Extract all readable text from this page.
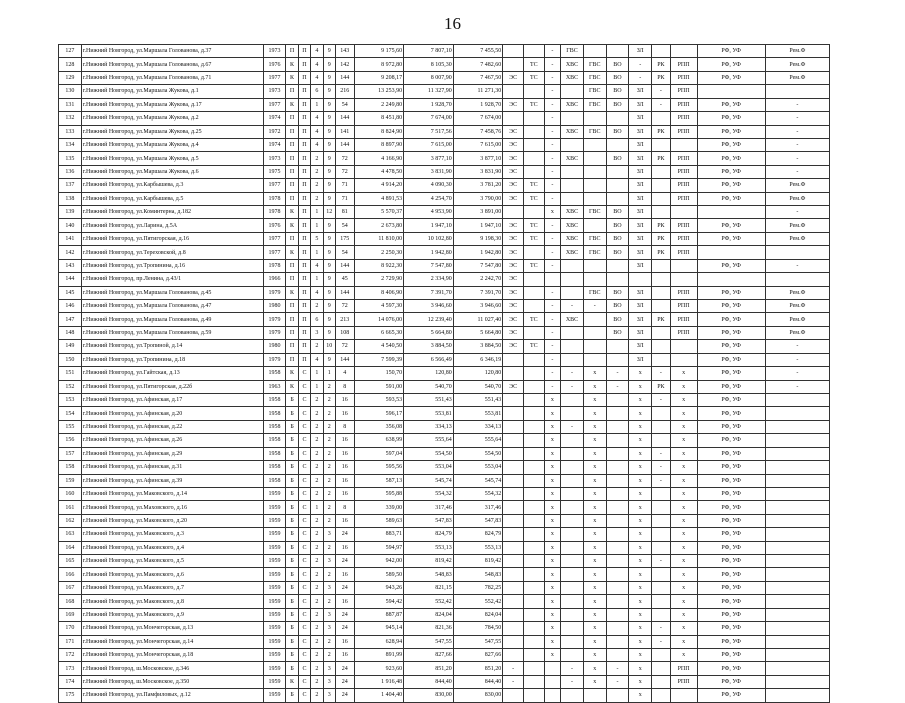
16
127	г.Нижний Новгород, ул.Маршала Голованова, д.37	1973	П	П	4	9	143	9 175,60	7 807,10	7 455,50			-	ГВС			ЗЛ			РФ, УФ	Рем.Ф
128	г.Нижний Новгород, ул.Маршала Голованова, д.67	1976	К	П	4	9	142	8 972,80	8 105,30	7 482,60		ТС	-	ХВС	ГВС	ВО	-	РК	РПП	РФ, УФ	Рем.Ф
129	г.Нижний Новгород, ул.Маршала Голованова, д.71	1977	К	П	4	9	144	9 208,17	8 007,90	7 467,50	ЭС	ТС	-	ХВС	ГВС	ВО	-	РК	РПП	РФ, УФ	Рем.Ф
130	г.Нижний Новгород, ул.Маршала Жукова, д.1	1973	П	П	6	9	216	13 253,90	11 327,90	11 271,30			-		ГВС	ВО	ЗЛ	-	РПП		
131	г.Нижний Новгород, ул.Маршала Жукова, д.17	1977	К	П	1	9	54	2 249,80	1 928,70	1 928,70	ЭС	ТС	-	ХВС	ГВС	ВО	ЗЛ	-	РПП	РФ, УФ	-
132	г.Нижний Новгород, ул.Маршала Жукова, д.2	1974	П	П	4	9	144	8 451,80	7 674,00	7 674,00			-				ЗЛ		РПП	РФ, УФ	-
133	г.Нижний Новгород, ул.Маршала Жукова, д.25	1972	П	П	4	9	141	8 824,90	7 517,56	7 458,76	ЭС		-	ХВС	ГВС	ВО	ЗЛ	РК	РПП	РФ, УФ	-
134	г.Нижний Новгород, ул.Маршала Жукова, д.4	1974	П	П	4	9	144	8 897,90	7 615,00	7 615,00	ЭС		-				ЗЛ			РФ, УФ	-
135	г.Нижний Новгород, ул.Маршала Жукова, д.5	1973	П	П	2	9	72	4 166,90	3 877,10	3 877,10	ЭС		-	ХВС		ВО	ЗЛ	РК	РПП	РФ, УФ	-
136	г.Нижний Новгород, ул.Маршала Жукова, д.6	1975	П	П	2	9	72	4 478,50	3 831,90	3 831,90	ЭС		-				ЗЛ		РПП	РФ, УФ	-
137	г.Нижний Новгород, ул.Карбышева, д.3	1977	П	П	2	9	71	4 914,20	4 090,30	3 781,20	ЭС	ТС	-				ЗЛ		РПП	РФ, УФ	Рем.Ф
138	г.Нижний Новгород, ул.Карбышева, д.5	1978	П	П	2	9	71	4 891,53	4 254,70	3 790,00	ЭС	ТС	-				ЗЛ		РПП	РФ, УФ	Рем.Ф
139	г.Нижний Новгород, ул.Коминтерна, д.182	1978	К	П	1	12	81	5 570,37	4 953,90	3 891,00			х	ХВС	ГВС	ВО	ЗЛ				-
140	г.Нижний Новгород, ул.Ларина, д.5А	1976	К	П	1	9	54	2 673,80	1 947,10	1 947,10	ЭС	ТС	-	ХВС		ВО	ЗЛ	РК	РПП	РФ, УФ	Рем.Ф
141	г.Нижний Новгород, ул.Пятигорская, д.16	1977	П	П	5	9	175	11 810,00	10 102,80	9 198,30	ЭС	ТС	-	ХВС	ГВС	ВО	ЗЛ	РК	РПП	РФ, УФ	Рем.Ф
142	г.Нижний Новгород, ул.Тереховской, д.8	1977	К	П	1	9	54	2 250,30	1 942,80	1 942,80	ЭС		-	ХВС	ГВС	ВО	ЗЛ	РК	РПП		
143	г.Нижний Новгород, ул.Тропинина, д.16	1978	П	П	4	9	144	8 922,30	7 547,80	7 547,80	ЭС	ТС	-				ЗЛ			РФ, УФ	-
144	г.Нижний Новгород, пр.Ленина, д.43/1	1966	П	П	1	9	45	2 729,90	2 334,90	2 242,70	ЭС										
145	г.Нижний Новгород, ул.Маршала Голованова, д.45	1979	К	П	4	9	144	8 406,90	7 391,70	7 391,70	ЭС		-		ГВС	ВО	ЗЛ		РПП	РФ, УФ	Рем.Ф
146	г.Нижний Новгород, ул.Маршала Голованова, д.47	1980	П	П	2	9	72	4 597,30	3 946,60	3 946,60	ЭС		-	-	-	ВО	ЗЛ		РПП	РФ, УФ	Рем.Ф
147	г.Нижний Новгород, ул.Маршала Голованова, д.49	1979	П	П	6	9	213	14 076,00	12 239,40	11 027,40	ЭС	ТС	-	ХВС		ВО	ЗЛ	РК	РПП	РФ, УФ	Рем.Ф
148	г.Нижний Новгород, ул.Маршала Голованова, д.59	1979	П	П	3	9	108	6 665,30	5 664,80	5 664,80	ЭС		-			ВО	ЗЛ		РПП	РФ, УФ	Рем.Ф
149	г.Нижний Новгород, ул.Тропиной, д.14	1980	П	П	2	10	72	4 540,50	3 884,50	3 884,50	ЭС	ТС	-				ЗЛ			РФ, УФ	-
150	г.Нижний Новгород, ул.Тропинина, д.18	1979	П	П	4	9	144	7 599,39	6 566,49	6 346,19			-				ЗЛ			РФ, УФ	-
151	г.Нижний Новгород, ул.Гайтская, д.13	1958	К	С	1	1	4	150,70	120,80	120,80			-	-	х	-	х	-	х	РФ, УФ	-
152	г.Нижний Новгород, ул.Пятигорская, д.22б	1963	К	С	1	2	8	591,00	540,70	540,70	ЭС		-	-	х	-	х	РК	х	РФ, УФ	-
153	г.Нижний Новгород, ул.Афинская, д.17	1958	Б	С	2	2	16	593,53	551,43	551,43			х		х		х	-	х	РФ, УФ	
154	г.Нижний Новгород, ул.Афинская, д.20	1958	Б	С	2	2	16	596,17	553,81	553,81			х		х		х		х	РФ, УФ	
155	г.Нижний Новгород, ул.Афинская, д.22	1958	Б	С	2	2	8	356,08	334,13	334,13			х	-	х		х		х	РФ, УФ	
156	г.Нижний Новгород, ул.Афинская, д.26	1958	Б	С	2	2	16	638,99	555,64	555,64			х		х		х		х	РФ, УФ	
157	г.Нижний Новгород, ул.Афинская, д.29	1958	Б	С	2	2	16	597,04	554,50	554,50			х		х		х	-	х	РФ, УФ	
158	г.Нижний Новгород, ул.Афинская, д.31	1958	Б	С	2	2	16	595,56	553,04	553,04			х		х		х	-	х	РФ, УФ	
159	г.Нижний Новгород, ул.Афинская, д.39	1958	Б	С	2	2	16	587,13	545,74	545,74			х		х		х	-	х	РФ, УФ	
160	г.Нижний Новгород, ул.Маковского, д.14	1959	Б	С	2	2	16	595,88	554,32	554,32			х		х		х		х	РФ, УФ	
161	г.Нижний Новгород, ул.Маховского, д.16	1959	Б	С	1	2	8	339,00	317,46	317,46			х		х		х		х	РФ, УФ	
162	г.Нижний Новгород, ул.Маковского, д.20	1959	Б	С	2	2	16	589,63	547,83	547,83			х		х		х		х	РФ, УФ	
163	г.Нижний Новгород, ул.Маковского, д.3	1959	Б	С	2	3	24	883,71	824,79	824,79			х		х		х		х	РФ, УФ	
164	г.Нижний Новгород, ул.Маковского, д.4	1959	Б	С	2	2	16	594,97	553,13	553,13			х		х		х		х	РФ, УФ	
165	г.Нижний Новгород, ул.Маковского, д.5	1959	Б	С	2	3	24	942,00	819,42	819,42			х		х		х	-	х	РФ, УФ	
166	г.Нижний Новгород, ул.Маковского, д.6	1959	Б	С	2	2	16	589,50	548,83	548,83			х		х		х		х	РФ, УФ	
167	г.Нижний Новгород, ул.Маковского, д.7	1959	Б	С	2	3	24	943,26	821,15	782,25			х		х		х		х	РФ, УФ	
168	г.Нижний Новгород, ул.Маковского, д.8	1959	Б	С	2	2	16	594,42	552,42	552,42			х		х		х		х	РФ, УФ	
169	г.Нижний Новгород, ул.Маковского, д.9	1959	Б	С	2	3	24	887,87	824,04	824,04			х		х		х		х	РФ, УФ	
170	г.Нижний Новгород, ул.Мончегорская, д.13	1959	Б	С	2	3	24	945,14	821,36	784,50			х		х		х	-	х	РФ, УФ	
171	г.Нижний Новгород, ул.Мончегорская, д.14	1959	Б	С	2	2	16	628,94	547,55	547,55			х		х		х	-	х	РФ, УФ	
172	г.Нижний Новгород, ул.Мончегорская, д.18	1959	Б	С	2	2	16	891,99	827,66	827,66			х		х		х		х	РФ, УФ	
173	г.Нижний Новгород, ш.Московское, д.346	1959	Б	С	2	3	24	923,60	851,20	851,20	-			-	х	-	х		РПП	РФ, УФ	
174	г.Нижний Новгород, ш.Московское, д.350	1959	К	С	2	3	24	1 916,48	844,40	844,40	-			-	х	-	х		РПП	РФ, УФ	
175	г.Нижний Новгород, ул.Памфиловых, д.12	1959	Б	С	2	3	24	1 404,40	830,00	830,00							х			РФ, УФ	
